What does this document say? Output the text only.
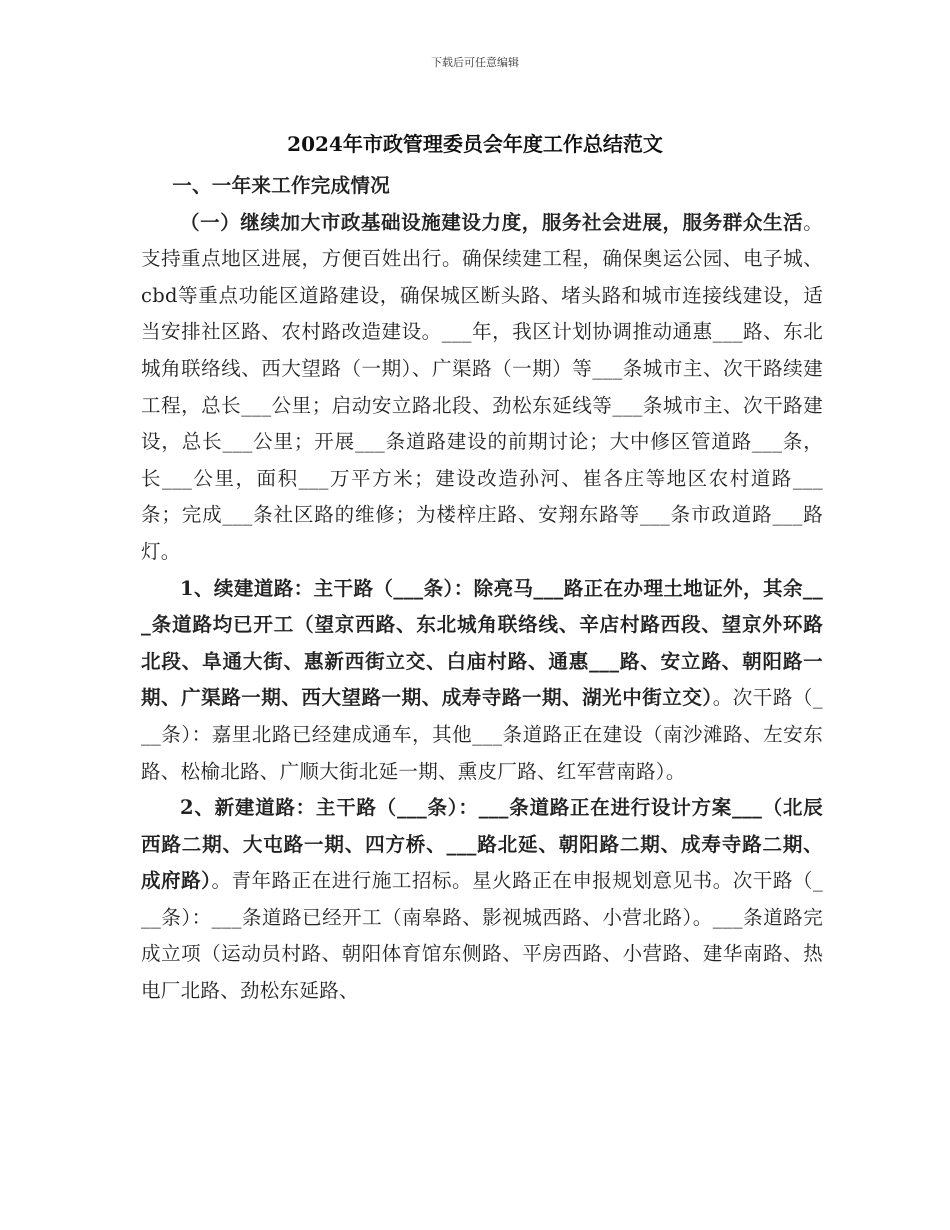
下载后可任意编辑
2024年市政管理委员会年度工作总结范文

一、一年来工作完成情况

（一）继续加大市政基础设施建设力度，服务社会进展，服务群众生活。支持重点地区进展，方便百姓出行。确保续建工程，确保奥运公园、电子城、cbd等重点功能区道路建设，确保城区断头路、堵头路和城市连接线建设，适当安排社区路、农村路改造建设。___年，我区计划协调推动通惠___路、东北城角联络线、西大望路（一期）、广渠路（一期）等___条城市主、次干路续建工程，总长___公里；启动安立路北段、劲松东延线等___条城市主、次干路建设，总长___公里；开展___条道路建设的前期讨论；大中修区管道路___条，长___公里，面积___万平方米；建设改造孙河、崔各庄等地区农村道路___条；完成___条社区路的维修；为楼梓庄路、安翔东路等___条市政道路___路灯。

1、续建道路：主干路（___条）：除亮马___路正在办理土地证外，其余___条道路均已开工（望京西路、东北城角联络线、辛店村路西段、望京外环路北段、阜通大街、惠新西街立交、白庙村路、通惠___路、安立路、朝阳路一期、广渠路一期、西大望路一期、成寿寺路一期、湖光中街立交）。次干路（___条）：嘉里北路已经建成通车，其他___条道路正在建设（南沙滩路、左安东路、松榆北路、广顺大街北延一期、熏皮厂路、红军营南路）。

2、新建道路：主干路（___条）：___条道路正在进行设计方案___（北辰西路二期、大屯路一期、四方桥、___路北延、朝阳路二期、成寿寺路二期、成府路）。青年路正在进行施工招标。星火路正在申报规划意见书。次干路（___条）：___条道路已经开工（南皋路、影视城西路、小营北路）。___条道路完成立项（运动员村路、朝阳体育馆东侧路、平房西路、小营路、建华南路、热电厂北路、劲松东延路、
